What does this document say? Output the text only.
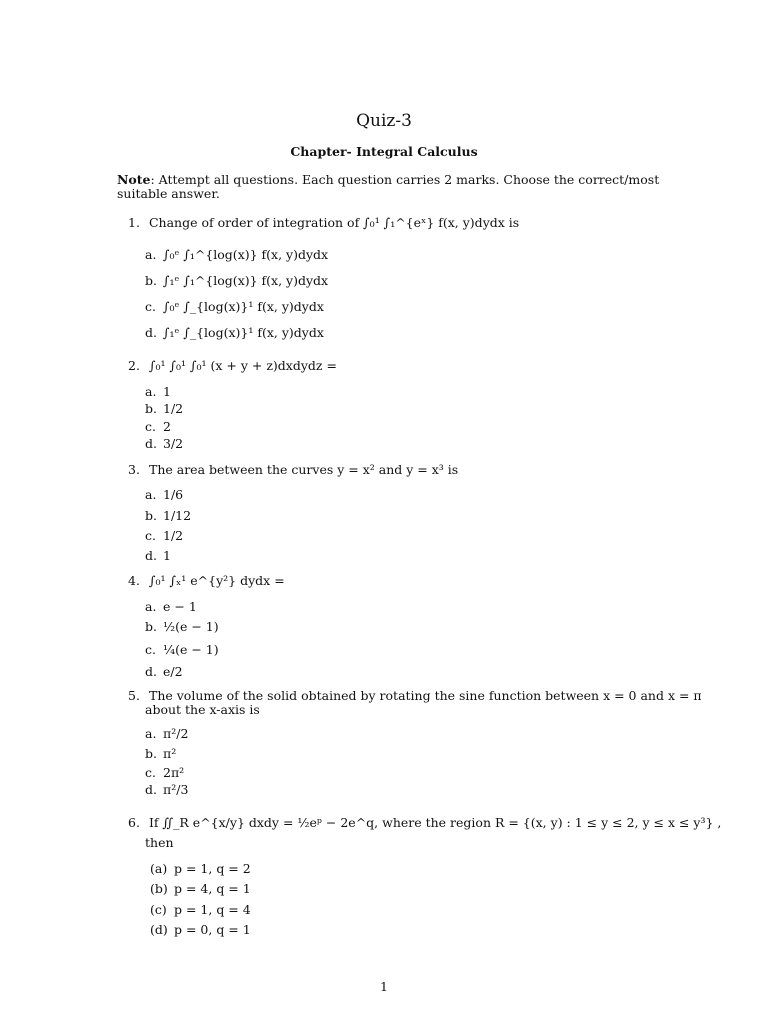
Quiz-3
Chapter- Integral Calculus
Note: Attempt all questions. Each question carries 2 marks. Choose the correct/most suitable answer.
1. Change of order of integration of ∫₀¹ ∫₁^{eˣ} f(x, y)dydx is
a. ∫₀ᵉ ∫₁^{log(x)} f(x, y)dydx
b. ∫₁ᵉ ∫₁^{log(x)} f(x, y)dydx
c. ∫₀ᵉ ∫_{log(x)}¹ f(x, y)dydx
d. ∫₁ᵉ ∫_{log(x)}¹ f(x, y)dydx
2. ∫₀¹ ∫₀¹ ∫₀¹ (x + y + z)dxdydz =
a. 1
b. 1/2
c. 2
d. 3/2
3. The area between the curves y = x² and y = x³ is
a. 1/6
b. 1/12
c. 1/2
d. 1
4. ∫₀¹ ∫ₓ¹ e^{y²} dydx =
a. e − 1
b. ½(e − 1)
c. ¼(e − 1)
d. e/2
5. The volume of the solid obtained by rotating the sine function between x = 0 and x = π
about the x-axis is
a. π²/2
b. π²
c. 2π²
d. π²/3
6. If ∬_R e^{x/y} dxdy = ½eᵖ − 2e^q, where the region R = {(x, y) : 1 ≤ y ≤ 2, y ≤ x ≤ y³} ,
then
(a) p = 1, q = 2
(b) p = 4, q = 1
(c) p = 1, q = 4
(d) p = 0, q = 1
1
